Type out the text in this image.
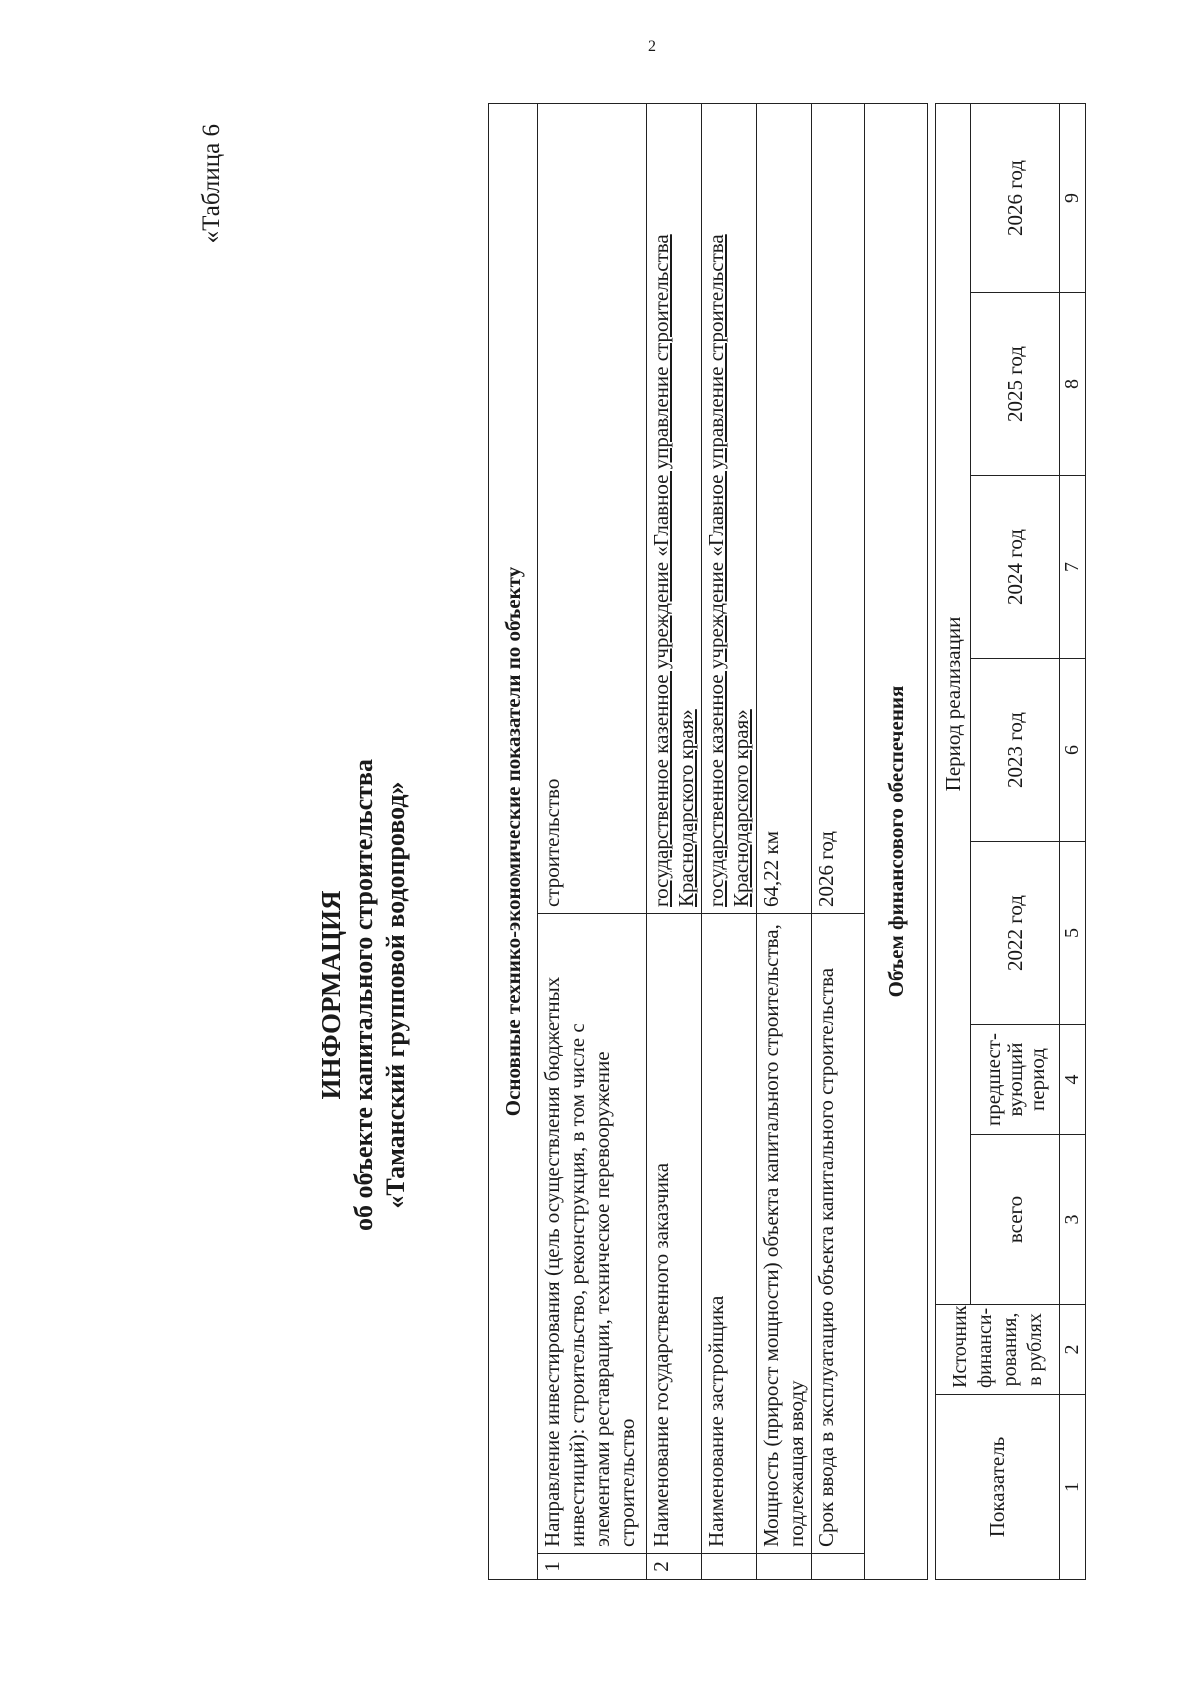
2
«Таблица 6
ИНФОРМАЦИЯ об объекте капитального строительства «Таманский групповой водопровод»	Основные технико-экономические показатели по объекту		
1	Направление инвестирования (цель осуществления бюджетных инвестиций): строительство, реконструкция, в том числе с элементами реставрации, техническое перевооружение строительство	строительство
2	Наименование государственного заказчика	государственное казенное учреждение «Главное управление строительства Краснодарского края»
	Наименование застройщика	государственное казенное учреждение «Главное управление строительства Краснодарского края»
	Мощность (прирост мощности) объекта капитального строительства, подлежащая вводу	64,22 км
	Срок ввода в эксплуатацию объекта капитального строительства	2026 год
Объем финансового обеспечения		
Показатель	Источник финанси-рования, в рублях	Период реализации						
		всего	предшест-вующий период	2022 год	2023 год	2024 год	2025 год	2026 год
1	2	3	4	5	6	7	8	9
